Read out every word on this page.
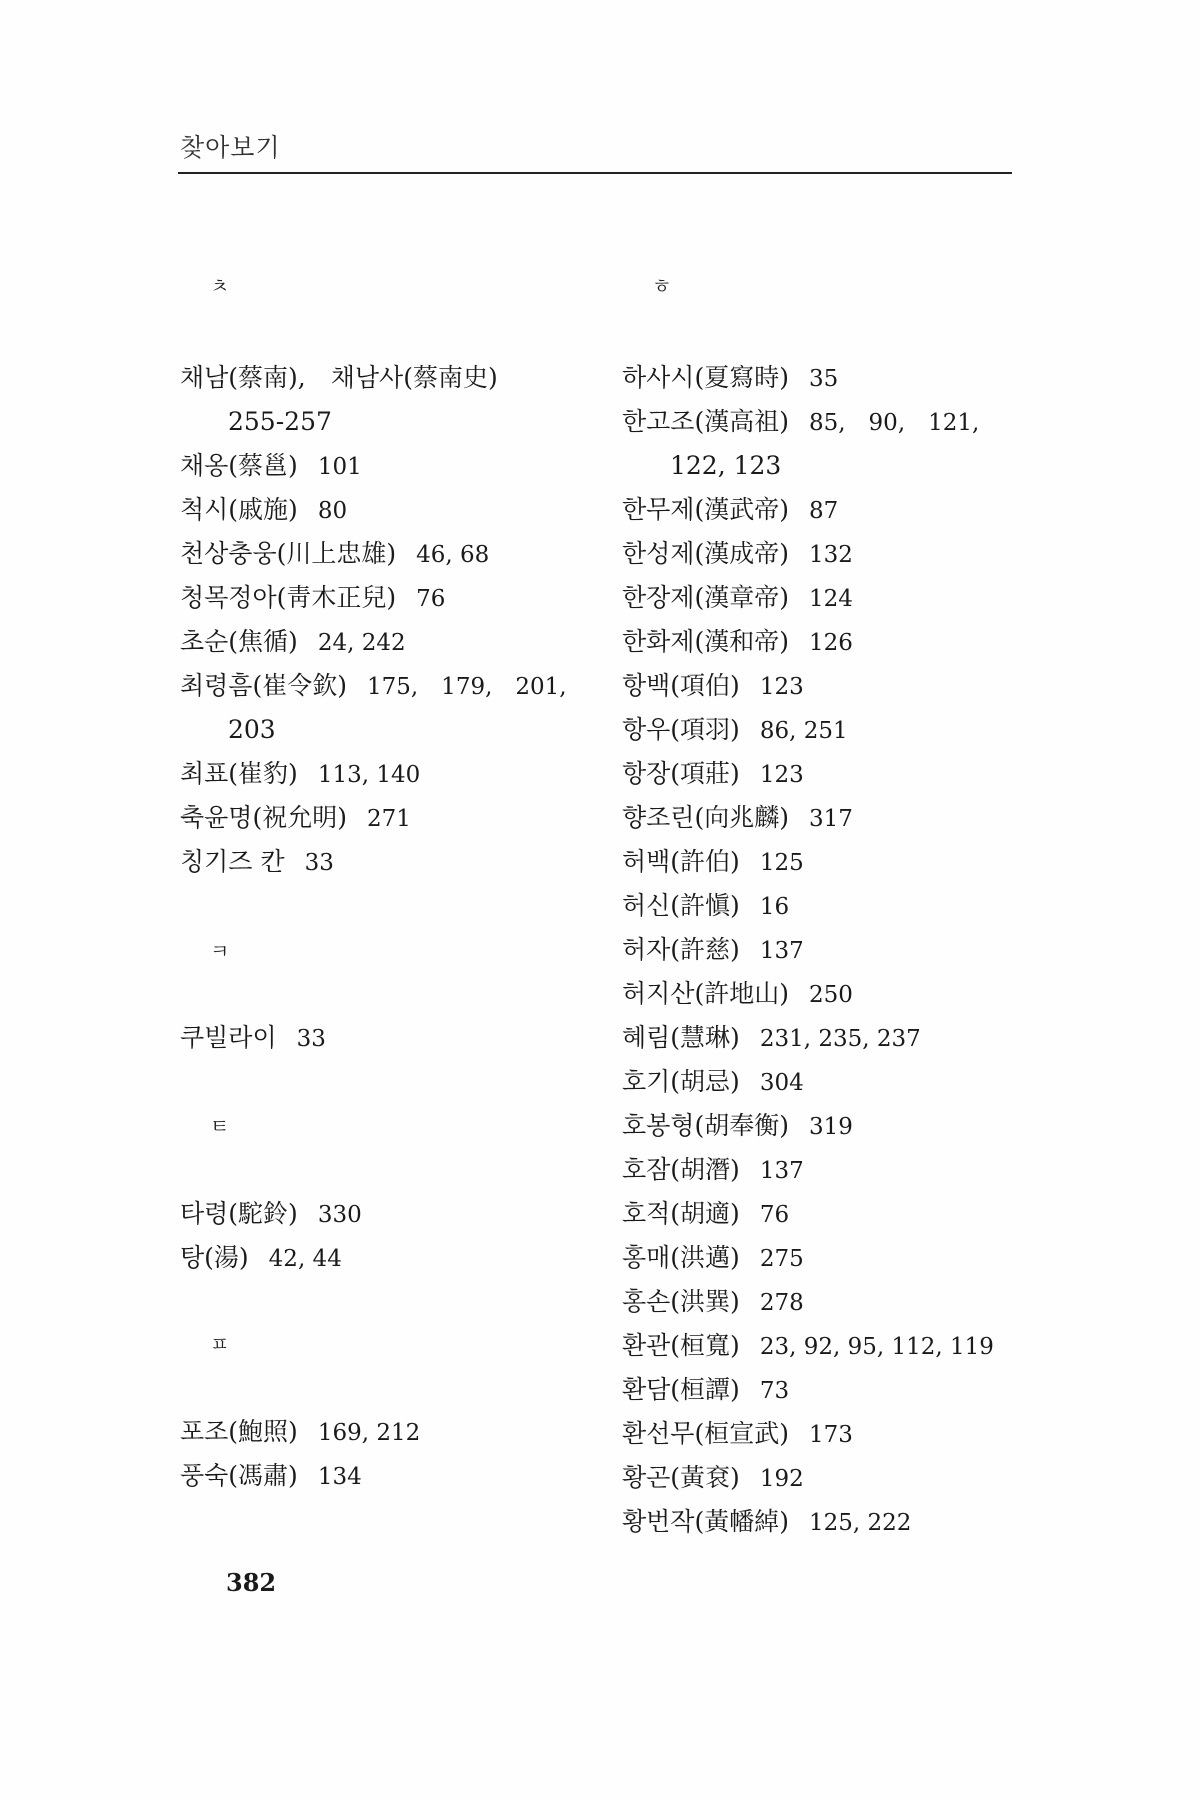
찾아보기
ㅊ
채남(蔡南),　채남사(蔡南史)
255-257
채옹(蔡邕) 101
척시(戚施) 80
천상충웅(川上忠雄) 46, 68
청목정아(靑木正兒) 76
초순(焦循) 24, 242
최령흠(崔令欽) 175,　179,　201,
203
최표(崔豹) 113, 140
축윤명(祝允明) 271
칭기즈 칸 33
ㅋ
쿠빌라이 33
ㅌ
타령(駝鈴) 330
탕(湯) 42, 44
ㅍ
포조(鮑照) 169, 212
풍숙(馮肅) 134
ㅎ
하사시(夏寫時) 35
한고조(漢高祖) 85,　90,　121,
122, 123
한무제(漢武帝) 87
한성제(漢成帝) 132
한장제(漢章帝) 124
한화제(漢和帝) 126
항백(項伯) 123
항우(項羽) 86, 251
항장(項莊) 123
향조린(向兆麟) 317
허백(許伯) 125
허신(許愼) 16
허자(許慈) 137
허지산(許地山) 250
혜림(慧琳) 231, 235, 237
호기(胡忌) 304
호봉형(胡奉衡) 319
호잠(胡潛) 137
호적(胡適) 76
홍매(洪邁) 275
홍손(洪巽) 278
환관(桓寬) 23, 92, 95, 112, 119
환담(桓譚) 73
환선무(桓宣武) 173
황곤(黃袞) 192
황번작(黃幡綽) 125, 222
382
